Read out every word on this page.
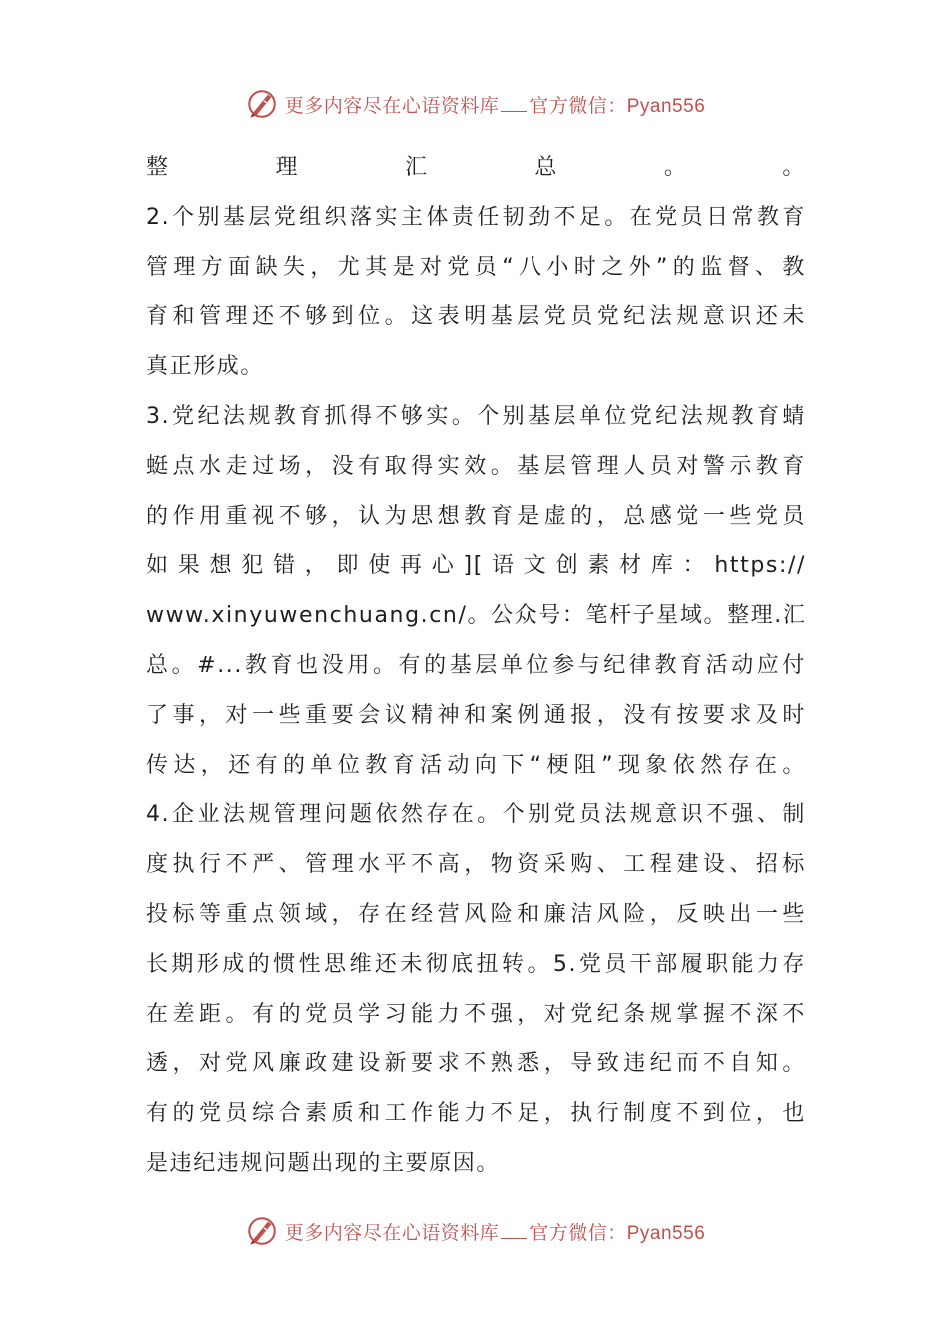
更多内容尽在心语资料库 官方微信： Pyan556
整理汇总。。
2.个别基层党组织落实主体责任韧劲不足。在党员日常教育
管理方面缺失，尤其是对党员“八小时之外”的监督、教
育和管理还不够到位。这表明基层党员党纪法规意识还未
真正形成。
3.党纪法规教育抓得不够实。个别基层单位党纪法规教育蜻
蜓点水走过场，没有取得实效。基层管理人员对警示教育
的作用重视不够，认为思想教育是虚的，总感觉一些党员
如果想犯错，即使再心][语文创素材库：https://
www.xinyuwenchuang.cn/。公众号：笔杆子星域。整理.汇
总。#...教育也没用。有的基层单位参与纪律教育活动应付
了事，对一些重要会议精神和案例通报，没有按要求及时
传达，还有的单位教育活动向下“梗阻”现象依然存在。
4.企业法规管理问题依然存在。个别党员法规意识不强、制
度执行不严、管理水平不高，物资采购、工程建设、招标
投标等重点领域，存在经营风险和廉洁风险，反映出一些
长期形成的惯性思维还未彻底扭转。5.党员干部履职能力存
在差距。有的党员学习能力不强，对党纪条规掌握不深不
透，对党风廉政建设新要求不熟悉，导致违纪而不自知。
有的党员综合素质和工作能力不足，执行制度不到位，也
是违纪违规问题出现的主要原因。
更多内容尽在心语资料库 官方微信： Pyan556
